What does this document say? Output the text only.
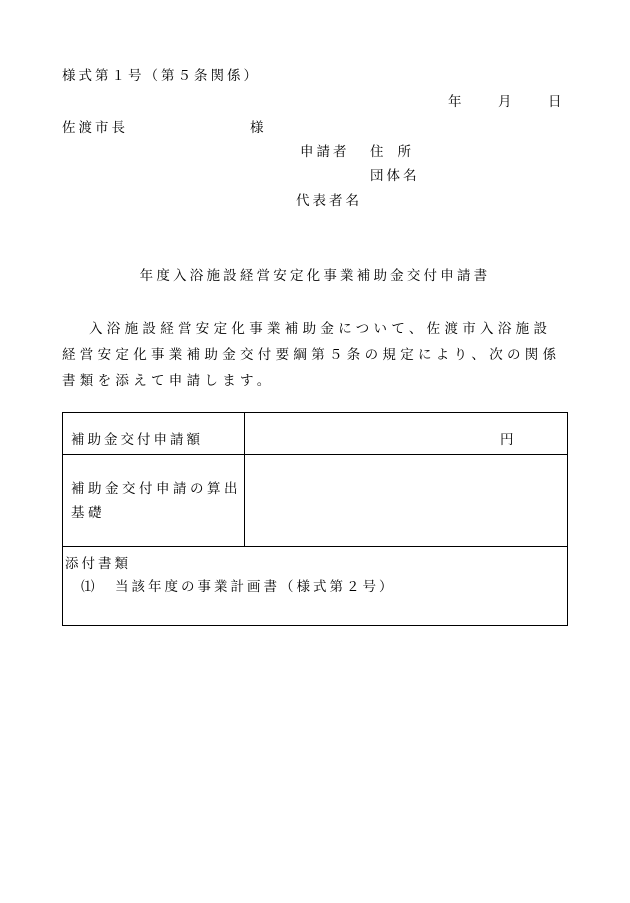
様式第１号（第５条関係）
年 月 日
佐渡市長	様
申請者 住所
団体名
代表者名
年度入浴施設経営安定化事業補助金交付申請書
入浴施設経営安定化事業補助金について、佐渡市入浴施設経営安定化事業補助金交付要綱第５条の規定により、次の関係書類を添えて申請します。
補助金交付申請額	円
補助金交付申請の算出基礎
添付書類
⑴ 当該年度の事業計画書（様式第２号）
